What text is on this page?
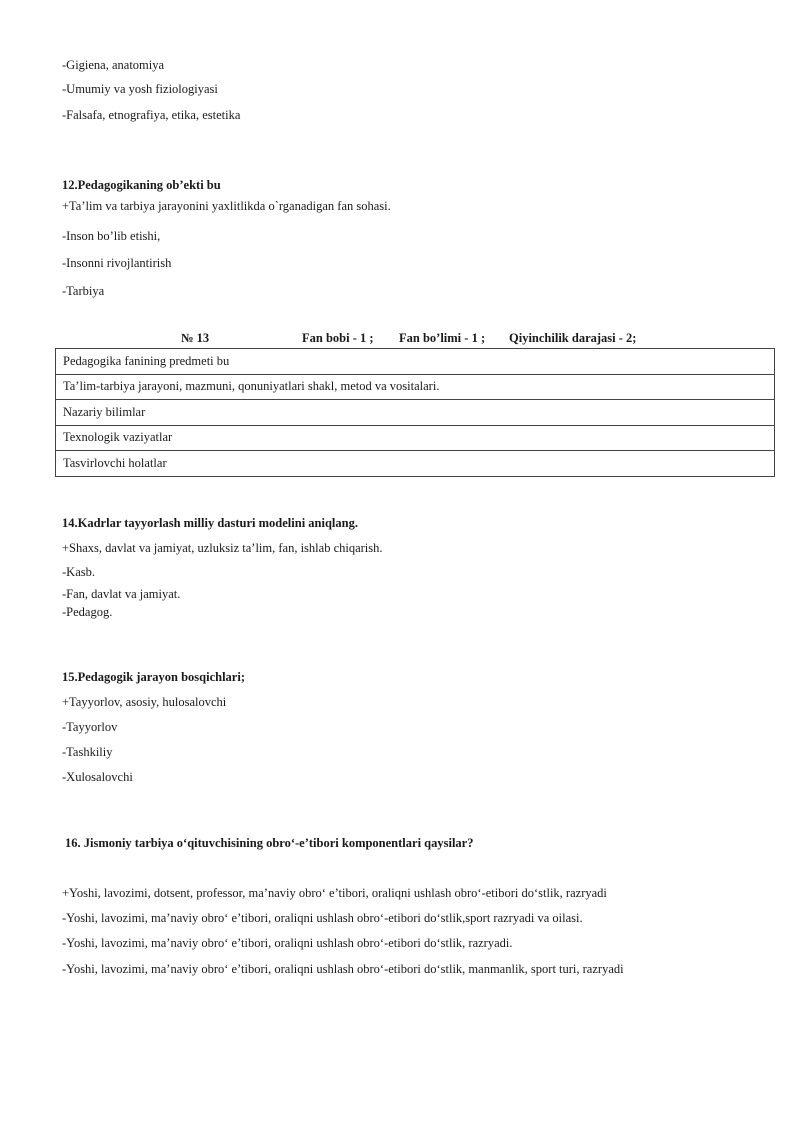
-Gigiena, anatomiya
-Umumiy va yosh fiziologiyasi
-Falsafa, etnografiya, etika, estetika
12.Pedagogikaning ob’ekti bu
+Ta’lim va tarbiya jarayonini yaxlitlikda o`rganadigan fan sohasi.
-Inson bo’lib etishi,
-Insonni rivojlantirish
-Tarbiya
№ 13	Fan bobi - 1 ; Fan bo’limi - 1 ; Qiyinchilik darajasi - 2;
Pedagogika fanining predmeti bu
Ta’lim-tarbiya jarayoni, mazmuni, qonuniyatlari shakl, metod va vositalari.
Nazariy bilimlar
Texnologik vaziyatlar
Tasvirlovchi holatlar
14.Kadrlar tayyorlash milliy dasturi modelini aniqlang.
+Shaxs, davlat va jamiyat, uzluksiz ta’lim, fan, ishlab chiqarish.
-Kasb.
-Fan, davlat va jamiyat.
-Pedagog.
15.Pedagogik jarayon bosqichlari;
+Tayyorlov, asosiy, hulosalovchi
-Tayyorlov
-Tashkiliy
-Xulosalovchi
16. Jismoniy tarbiya o‘qituvchisining obro‘-e’tibori komponentlari qaysilar?
+Yoshi, lavozimi, dotsent, professor, ma’naviy obro‘ e’tibori, oraliqni ushlash obro‘-etibori do‘stlik, razryadi
-Yoshi, lavozimi, ma’naviy obro‘ e’tibori, oraliqni ushlash obro‘-etibori do‘stlik,sport razryadi va oilasi.
-Yoshi, lavozimi, ma’naviy obro‘ e’tibori, oraliqni ushlash obro‘-etibori do‘stlik, razryadi.
-Yoshi, lavozimi, ma’naviy obro‘ e’tibori, oraliqni ushlash obro‘-etibori do‘stlik, manmanlik, sport turi, razryadi
